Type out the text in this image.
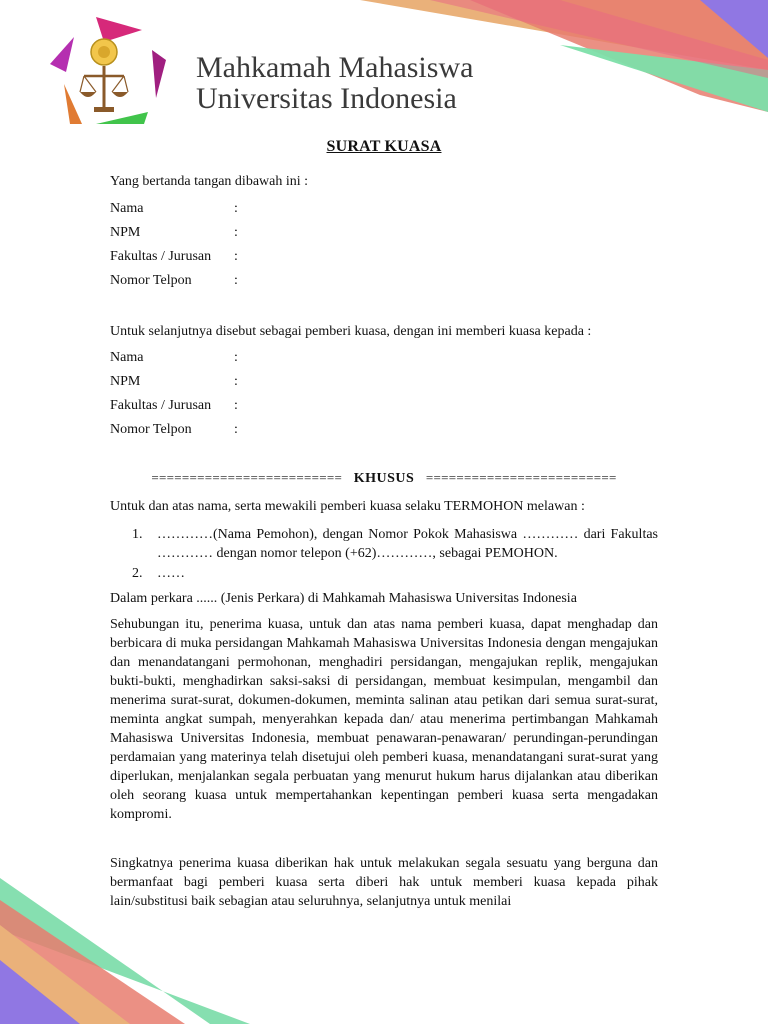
Mahkamah Mahasiswa
Universitas Indonesia
SURAT KUASA
Yang bertanda tangan dibawah ini :
Nama	:
NPM	:
Fakultas / Jurusan :
Nomor Telpon	:
Untuk selanjutnya disebut sebagai pemberi kuasa, dengan ini memberi kuasa kepada :
Nama	:
NPM	:
Fakultas / Jurusan :
Nomor Telpon	:
========================= KHUSUS =========================
Untuk dan atas nama, serta mewakili pemberi kuasa selaku TERMOHON melawan :
1. …………(Nama Pemohon), dengan Nomor Pokok Mahasiswa ………… dari Fakultas ………… dengan nomor telepon (+62)…………, sebagai PEMOHON.
2. ……
Dalam perkara ...... (Jenis Perkara) di Mahkamah Mahasiswa Universitas Indonesia
Sehubungan itu, penerima kuasa, untuk dan atas nama pemberi kuasa, dapat menghadap dan berbicara di muka persidangan Mahkamah Mahasiswa Universitas Indonesia dengan mengajukan dan menandatangani permohonan, menghadiri persidangan, mengajukan replik, mengajukan bukti-bukti, menghadirkan saksi-saksi di persidangan, membuat kesimpulan, mengambil dan menerima surat-surat, dokumen-dokumen, meminta salinan atau petikan dari semua surat-surat, meminta angkat sumpah, menyerahkan kepada dan/ atau menerima pertimbangan Mahkamah Mahasiswa Universitas Indonesia, membuat penawaran-penawaran/ perundingan-perundingan perdamaian yang materinya telah disetujui oleh pemberi kuasa, menandatangani surat-surat yang diperlukan, menjalankan segala perbuatan yang menurut hukum harus dijalankan atau diberikan oleh seorang kuasa untuk mempertahankan kepentingan pemberi kuasa serta mengadakan kompromi.
Singkatnya penerima kuasa diberikan hak untuk melakukan segala sesuatu yang berguna dan bermanfaat bagi pemberi kuasa serta diberi hak untuk memberi kuasa kepada pihak lain/substitusi baik sebagian atau seluruhnya, selanjutnya untuk menilai
